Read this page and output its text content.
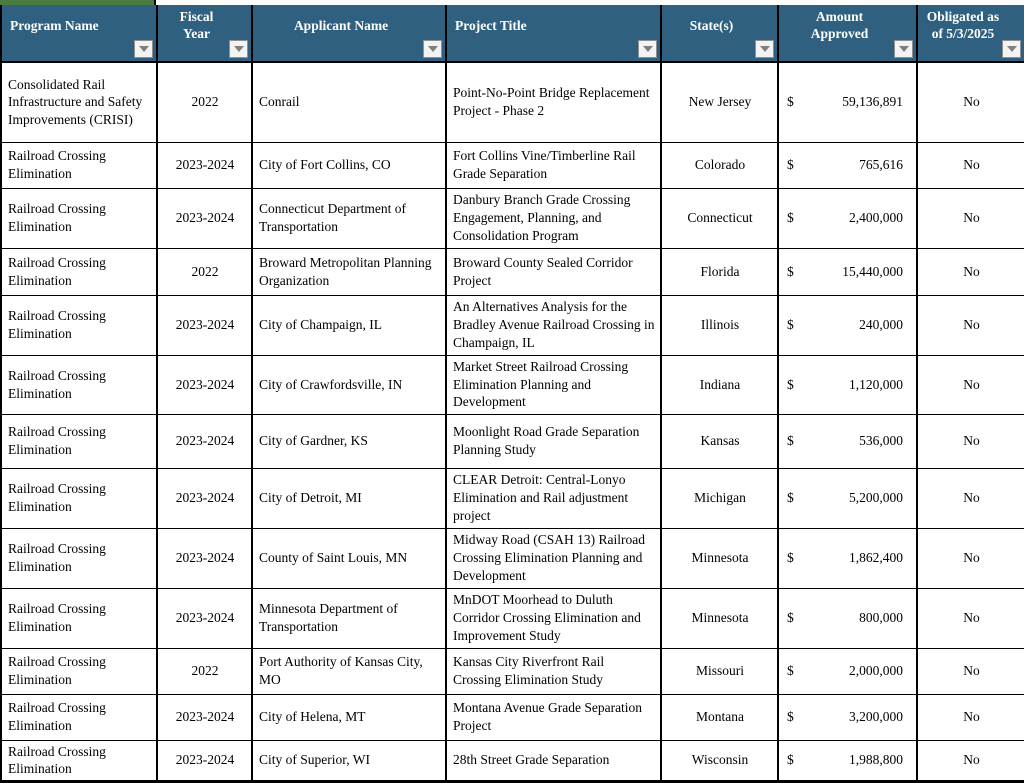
Program Name	Fiscal Year	Applicant Name	Project Title	State(s)	Amount Approved	Obligated as of 5/3/2025

Consolidated Rail Infrastructure and Safety Improvements (CRISI)	2022	Conrail	Point-No-Point Bridge Replacement Project - Phase 2	New Jersey	$ 59,136,891	No
Railroad Crossing Elimination	2023-2024	City of Fort Collins, CO	Fort Collins Vine/Timberline Rail Grade Separation	Colorado	$ 765,616	No
Railroad Crossing Elimination	2023-2024	Connecticut Department of Transportation	Danbury Branch Grade Crossing Engagement, Planning, and Consolidation Program	Connecticut	$ 2,400,000	No
Railroad Crossing Elimination	2022	Broward Metropolitan Planning Organization	Broward County Sealed Corridor Project	Florida	$ 15,440,000	No
Railroad Crossing Elimination	2023-2024	City of Champaign, IL	An Alternatives Analysis for the Bradley Avenue Railroad Crossing in Champaign, IL	Illinois	$ 240,000	No
Railroad Crossing Elimination	2023-2024	City of Crawfordsville, IN	Market Street Railroad Crossing Elimination Planning and Development	Indiana	$ 1,120,000	No
Railroad Crossing Elimination	2023-2024	City of Gardner, KS	Moonlight Road Grade Separation Planning Study	Kansas	$ 536,000	No
Railroad Crossing Elimination	2023-2024	City of Detroit, MI	CLEAR Detroit: Central-Lonyo Elimination and Rail adjustment project	Michigan	$ 5,200,000	No
Railroad Crossing Elimination	2023-2024	County of Saint Louis, MN	Midway Road (CSAH 13) Railroad Crossing Elimination Planning and Development	Minnesota	$ 1,862,400	No
Railroad Crossing Elimination	2023-2024	Minnesota Department of Transportation	MnDOT Moorhead to Duluth Corridor Crossing Elimination and Improvement Study	Minnesota	$ 800,000	No
Railroad Crossing Elimination	2022	Port Authority of Kansas City, MO	Kansas City Riverfront Rail Crossing Elimination Study	Missouri	$ 2,000,000	No
Railroad Crossing Elimination	2023-2024	City of Helena, MT	Montana Avenue Grade Separation Project	Montana	$ 3,200,000	No
Railroad Crossing Elimination	2023-2024	City of Superior, WI	28th Street Grade Separation	Wisconsin	$ 1,988,800	No
